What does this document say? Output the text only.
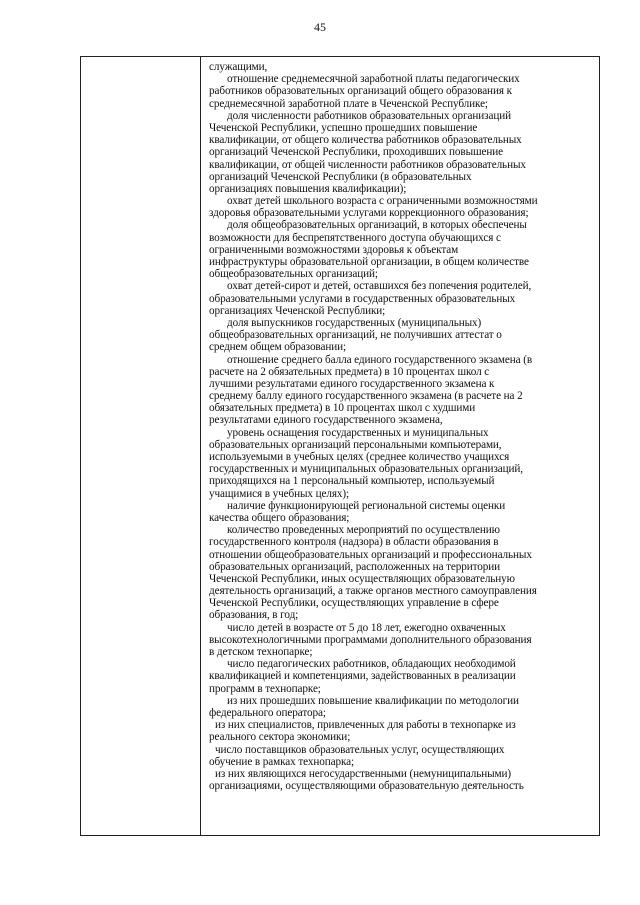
45
служащими,
отношение среднемесячной заработной платы педагогических
работников образовательных организаций общего образования к
среднемесячной заработной плате в Чеченской Республике;
доля численности работников образовательных организаций
Чеченской Республики, успешно прошедших повышение
квалификации, от общего количества работников образовательных
организаций Чеченской Республики, проходивших повышение
квалификации, от общей численности работников образовательных
организаций Чеченской Республики (в образовательных
организациях повышения квалификации);
охват детей школьного возраста с ограниченными возможностями
здоровья образовательными услугами коррекционного образования;
доля общеобразовательных организаций, в которых обеспечены
возможности для беспрепятственного доступа обучающихся с
ограниченными возможностями здоровья к объектам
инфраструктуры образовательной организации, в общем количестве
общеобразовательных организаций;
охват детей-сирот и детей, оставшихся без попечения родителей,
образовательными услугами в государственных образовательных
организациях Чеченской Республики;
доля выпускников государственных (муниципальных)
общеобразовательных организаций, не получивших аттестат о
среднем общем образовании;
отношение среднего балла единого государственного экзамена (в
расчете на 2 обязательных предмета) в 10 процентах школ с
лучшими результатами единого государственного экзамена к
среднему баллу единого государственного экзамена (в расчете на 2
обязательных предмета) в 10 процентах школ с худшими
результатами единого государственного экзамена,
уровень оснащения государственных и муниципальных
образовательных организаций персональными компьютерами,
используемыми в учебных целях (среднее количество учащихся
государственных и муниципальных образовательных организаций,
приходящихся на 1 персональный компьютер, используемый
учащимися в учебных целях);
наличие функционирующей региональной системы оценки
качества общего образования;
количество проведенных мероприятий по осуществлению
государственного контроля (надзора) в области образования в
отношении общеобразовательных организаций и профессиональных
образовательных организаций, расположенных на территории
Чеченской Республики, иных осуществляющих образовательную
деятельность организаций, а также органов местного самоуправления
Чеченской Республики, осуществляющих управление в сфере
образования, в год;
число детей в возрасте от 5 до 18 лет, ежегодно охваченных
высокотехнологичными программами дополнительного образования
в детском технопарке;
число педагогических работников, обладающих необходимой
квалификацией и компетенциями, задействованных в реализации
программ в технопарке;
из них прошедших повышение квалификации по методологии
федерального оператора;
из них специалистов, привлеченных для работы в технопарке из
реального сектора экономики;
число поставщиков образовательных услуг, осуществляющих
обучение в рамках технопарка;
из них являющихся негосударственными (немуниципальными)
организациями, осуществляющими образовательную деятельность
